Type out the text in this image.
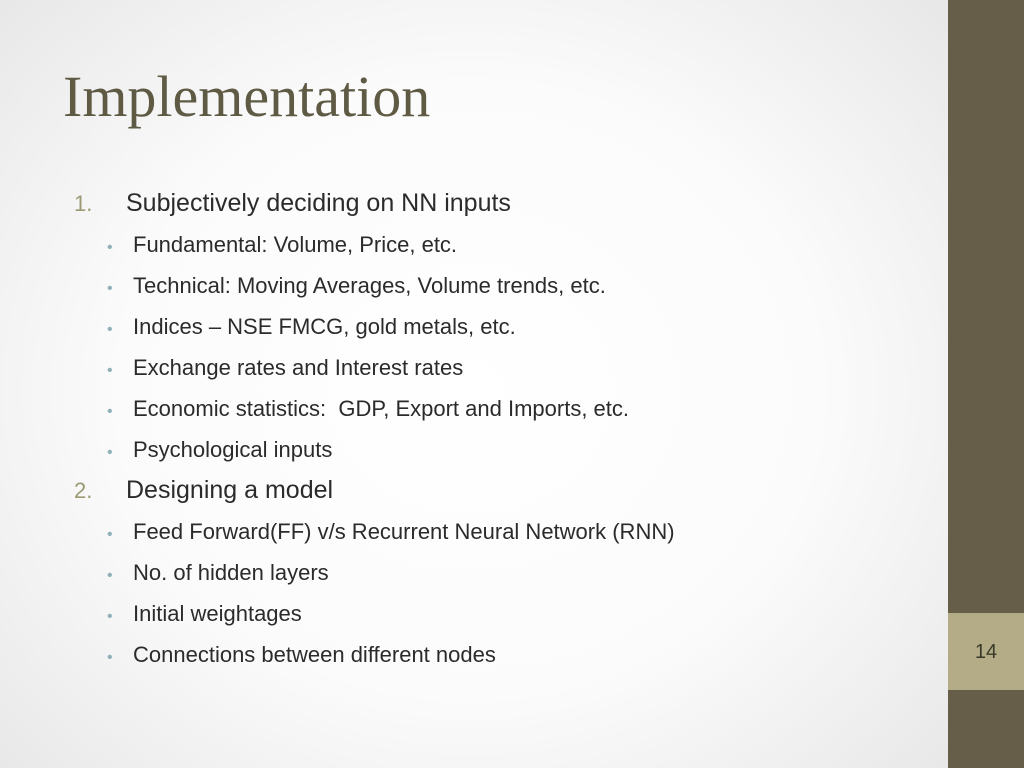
Implementation
1.	Subjectively deciding on NN inputs
• Fundamental: Volume, Price, etc.
• Technical: Moving Averages, Volume trends, etc.
• Indices – NSE FMCG, gold metals, etc.
• Exchange rates and Interest rates
• Economic statistics:  GDP, Export and Imports, etc.
• Psychological inputs
2.	Designing a model
• Feed Forward(FF) v/s Recurrent Neural Network (RNN)
• No. of hidden layers
• Initial weightages
• Connections between different nodes	14
